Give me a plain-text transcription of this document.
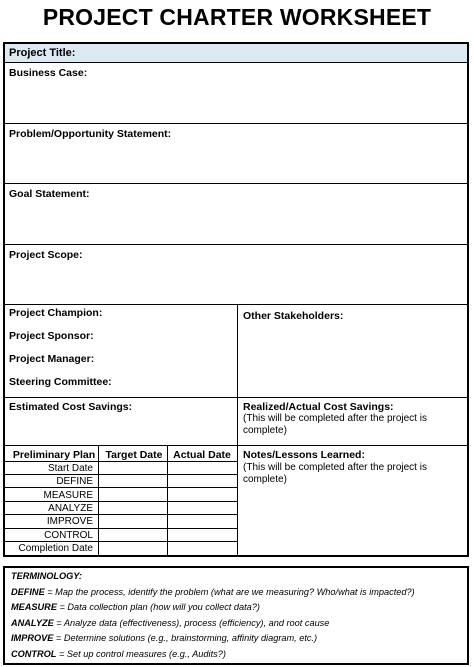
PROJECT CHARTER WORKSHEET
Project Title:
Business Case:
Problem/Opportunity Statement:
Goal Statement:
Project Scope:
Project Champion:
Project Sponsor:
Project Manager:
Steering Committee:
Other Stakeholders:
Estimated Cost Savings:	Realized/Actual Cost Savings:
(This will be completed after the project is
complete)
Preliminary Plan Target Date	Actual Date
Start Date
DEFINE
MEASURE
ANALYZE
IMPROVE
CONTROL
Completion Date
Notes/Lessons Learned:
(This will be completed after the project is
complete)
TERMINOLOGY:
DEFINE = Map the process, identify the problem (what are we measuring? Who/what is impacted?)
MEASURE = Data collection plan (how will you collect data?)
ANALYZE = Analyze data (effectiveness), process (efficiency), and root cause
IMPROVE = Determine solutions (e.g., brainstorming, affinity diagram, etc.)
CONTROL = Set up control measures (e.g., Audits?)
